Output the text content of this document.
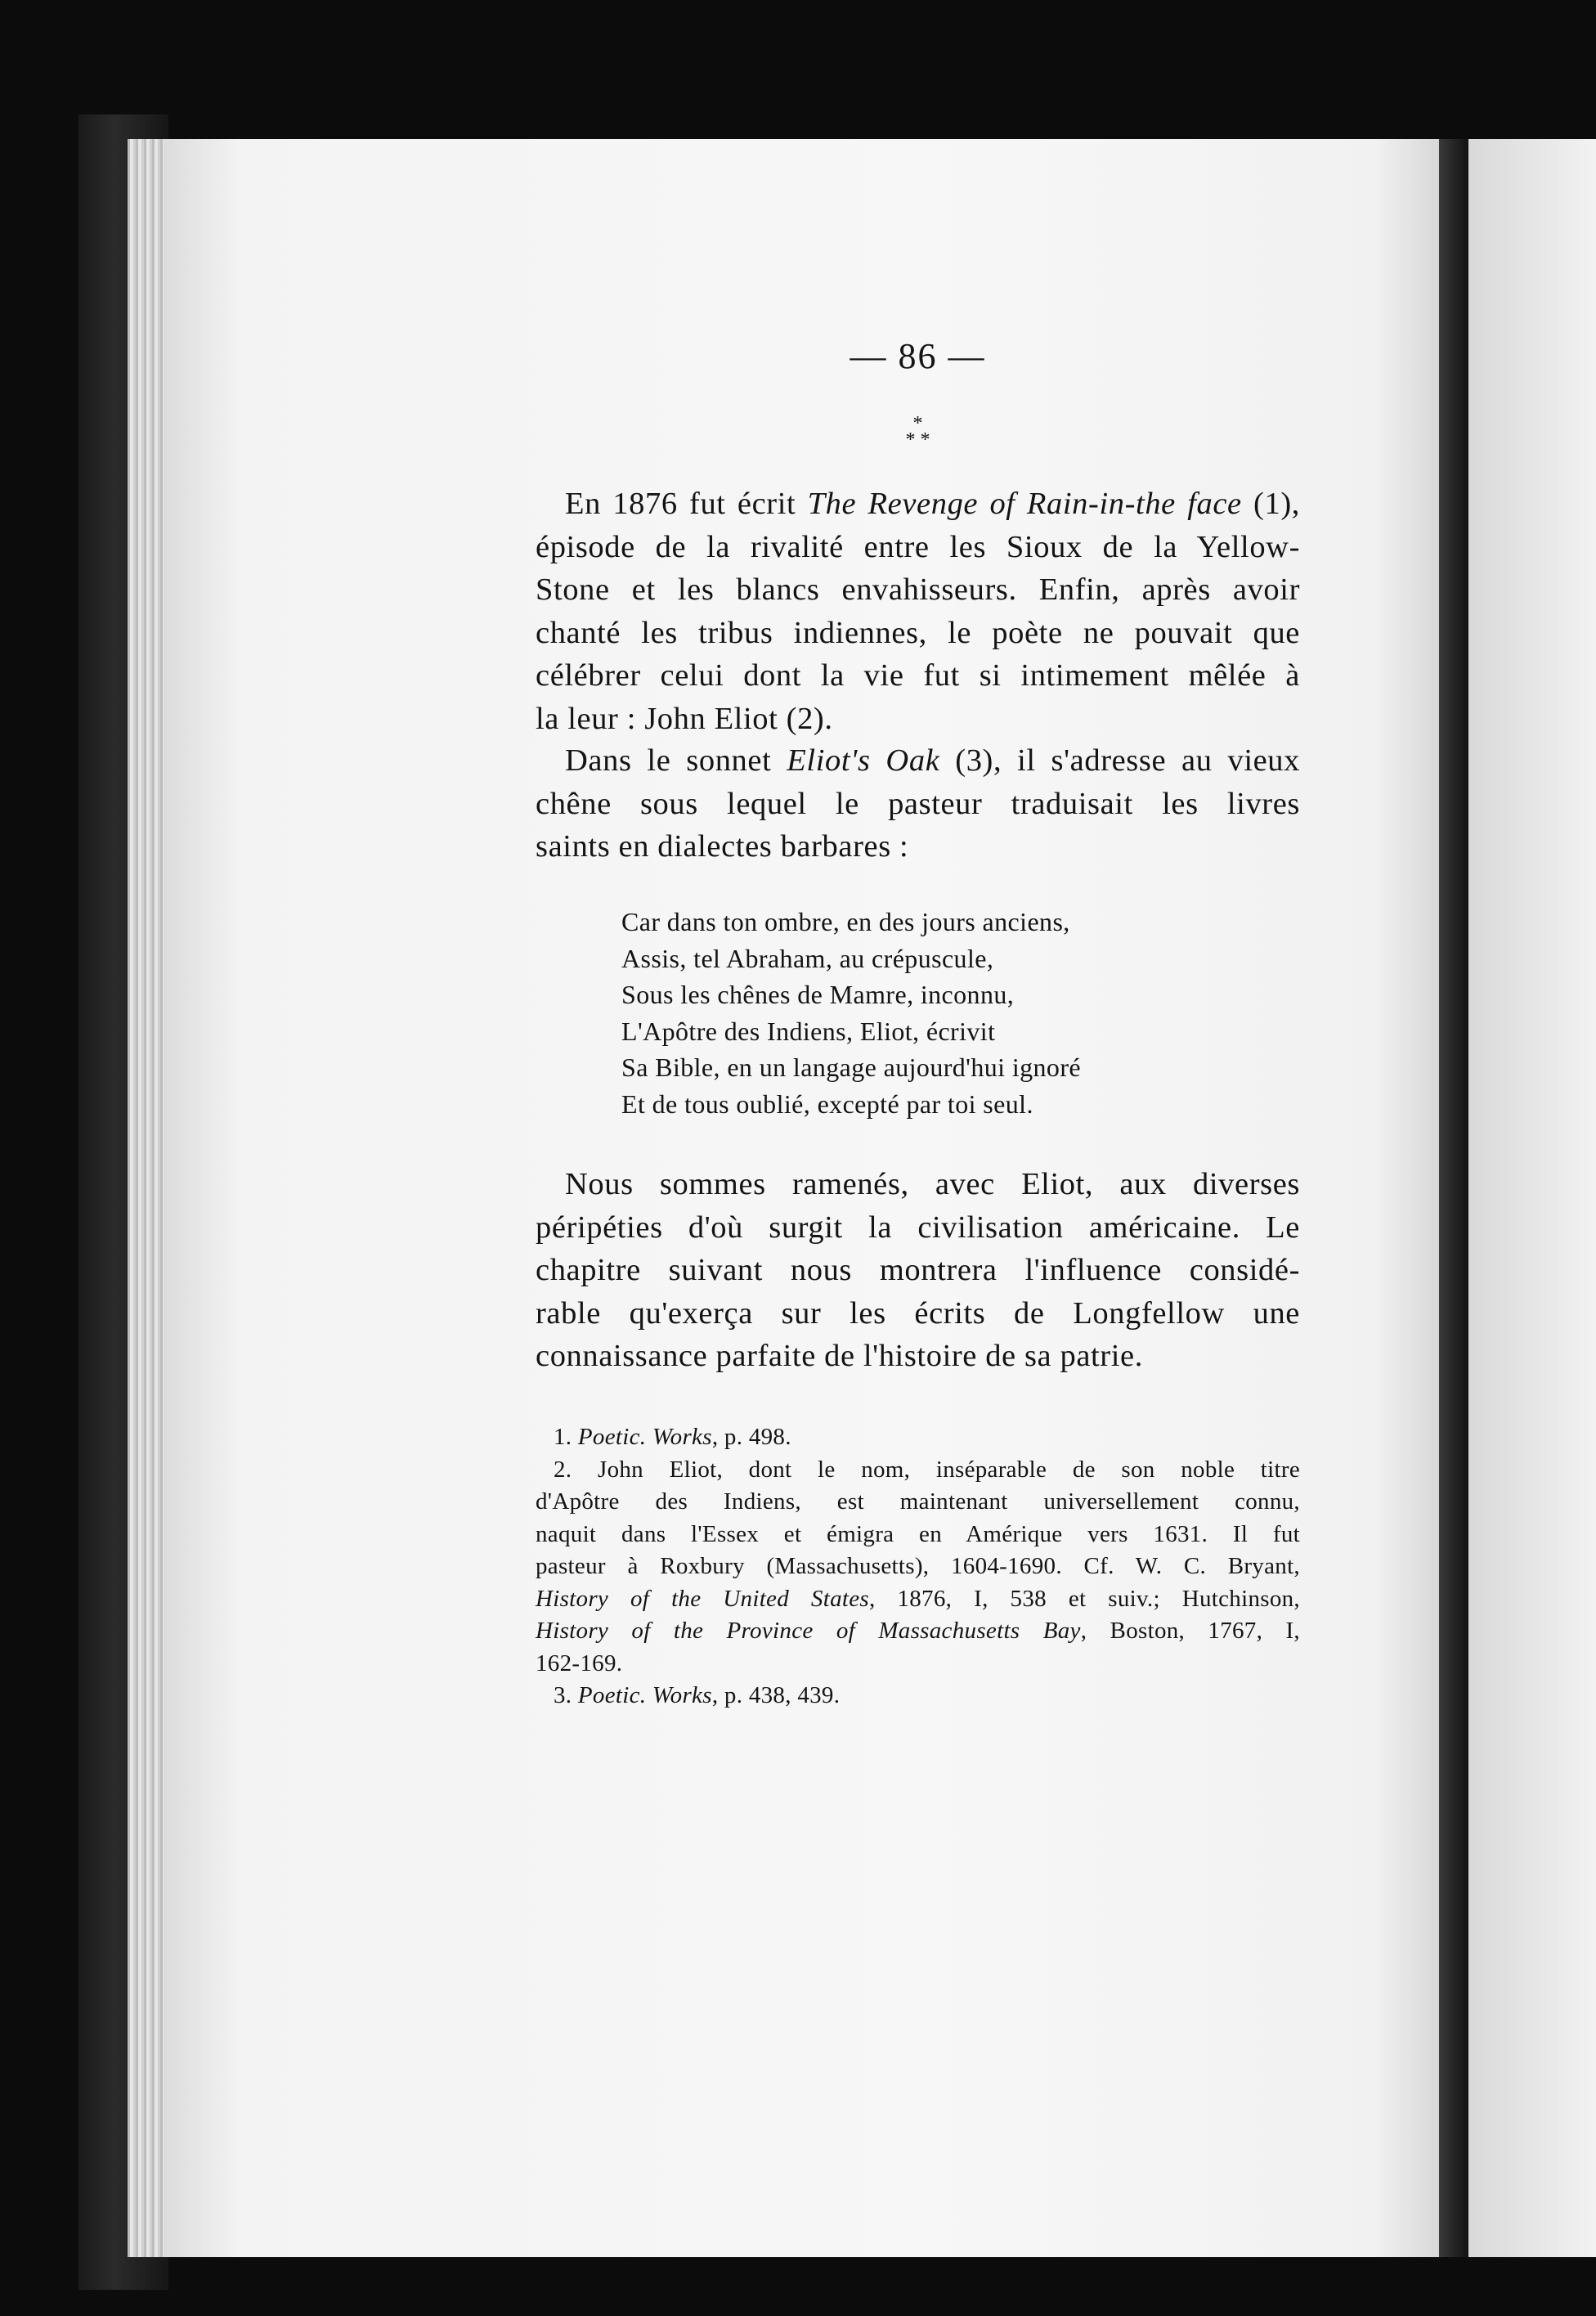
— 86 —
*
* *
En 1876 fut écrit The Revenge of Rain-in-the face (1),
épisode de la rivalité entre les Sioux de la Yellow-
Stone et les blancs envahisseurs. Enfin, après avoir
chanté les tribus indiennes, le poète ne pouvait que
célébrer celui dont la vie fut si intimement mêlée à
la leur : John Eliot (2).
Dans le sonnet Eliot's Oak (3), il s'adresse au vieux
chêne sous lequel le pasteur traduisait les livres
saints en dialectes barbares :
Car dans ton ombre, en des jours anciens,
Assis, tel Abraham, au crépuscule,
Sous les chênes de Mamre, inconnu,
L'Apôtre des Indiens, Eliot, écrivit
Sa Bible, en un langage aujourd'hui ignoré
Et de tous oublié, excepté par toi seul.
Nous sommes ramenés, avec Eliot, aux diverses
péripéties d'où surgit la civilisation américaine. Le
chapitre suivant nous montrera l'influence considé-
rable qu'exerça sur les écrits de Longfellow une
connaissance parfaite de l'histoire de sa patrie.
1. Poetic. Works, p. 498.
2. John Eliot, dont le nom, inséparable de son noble titre
d'Apôtre des Indiens, est maintenant universellement connu,
naquit dans l'Essex et émigra en Amérique vers 1631. Il fut
pasteur à Roxbury (Massachusetts), 1604-1690. Cf. W. C. Bryant,
History of the United States, 1876, I, 538 et suiv.; Hutchinson,
History of the Province of Massachusetts Bay, Boston, 1767, I,
162-169.
3. Poetic. Works, p. 438, 439.
